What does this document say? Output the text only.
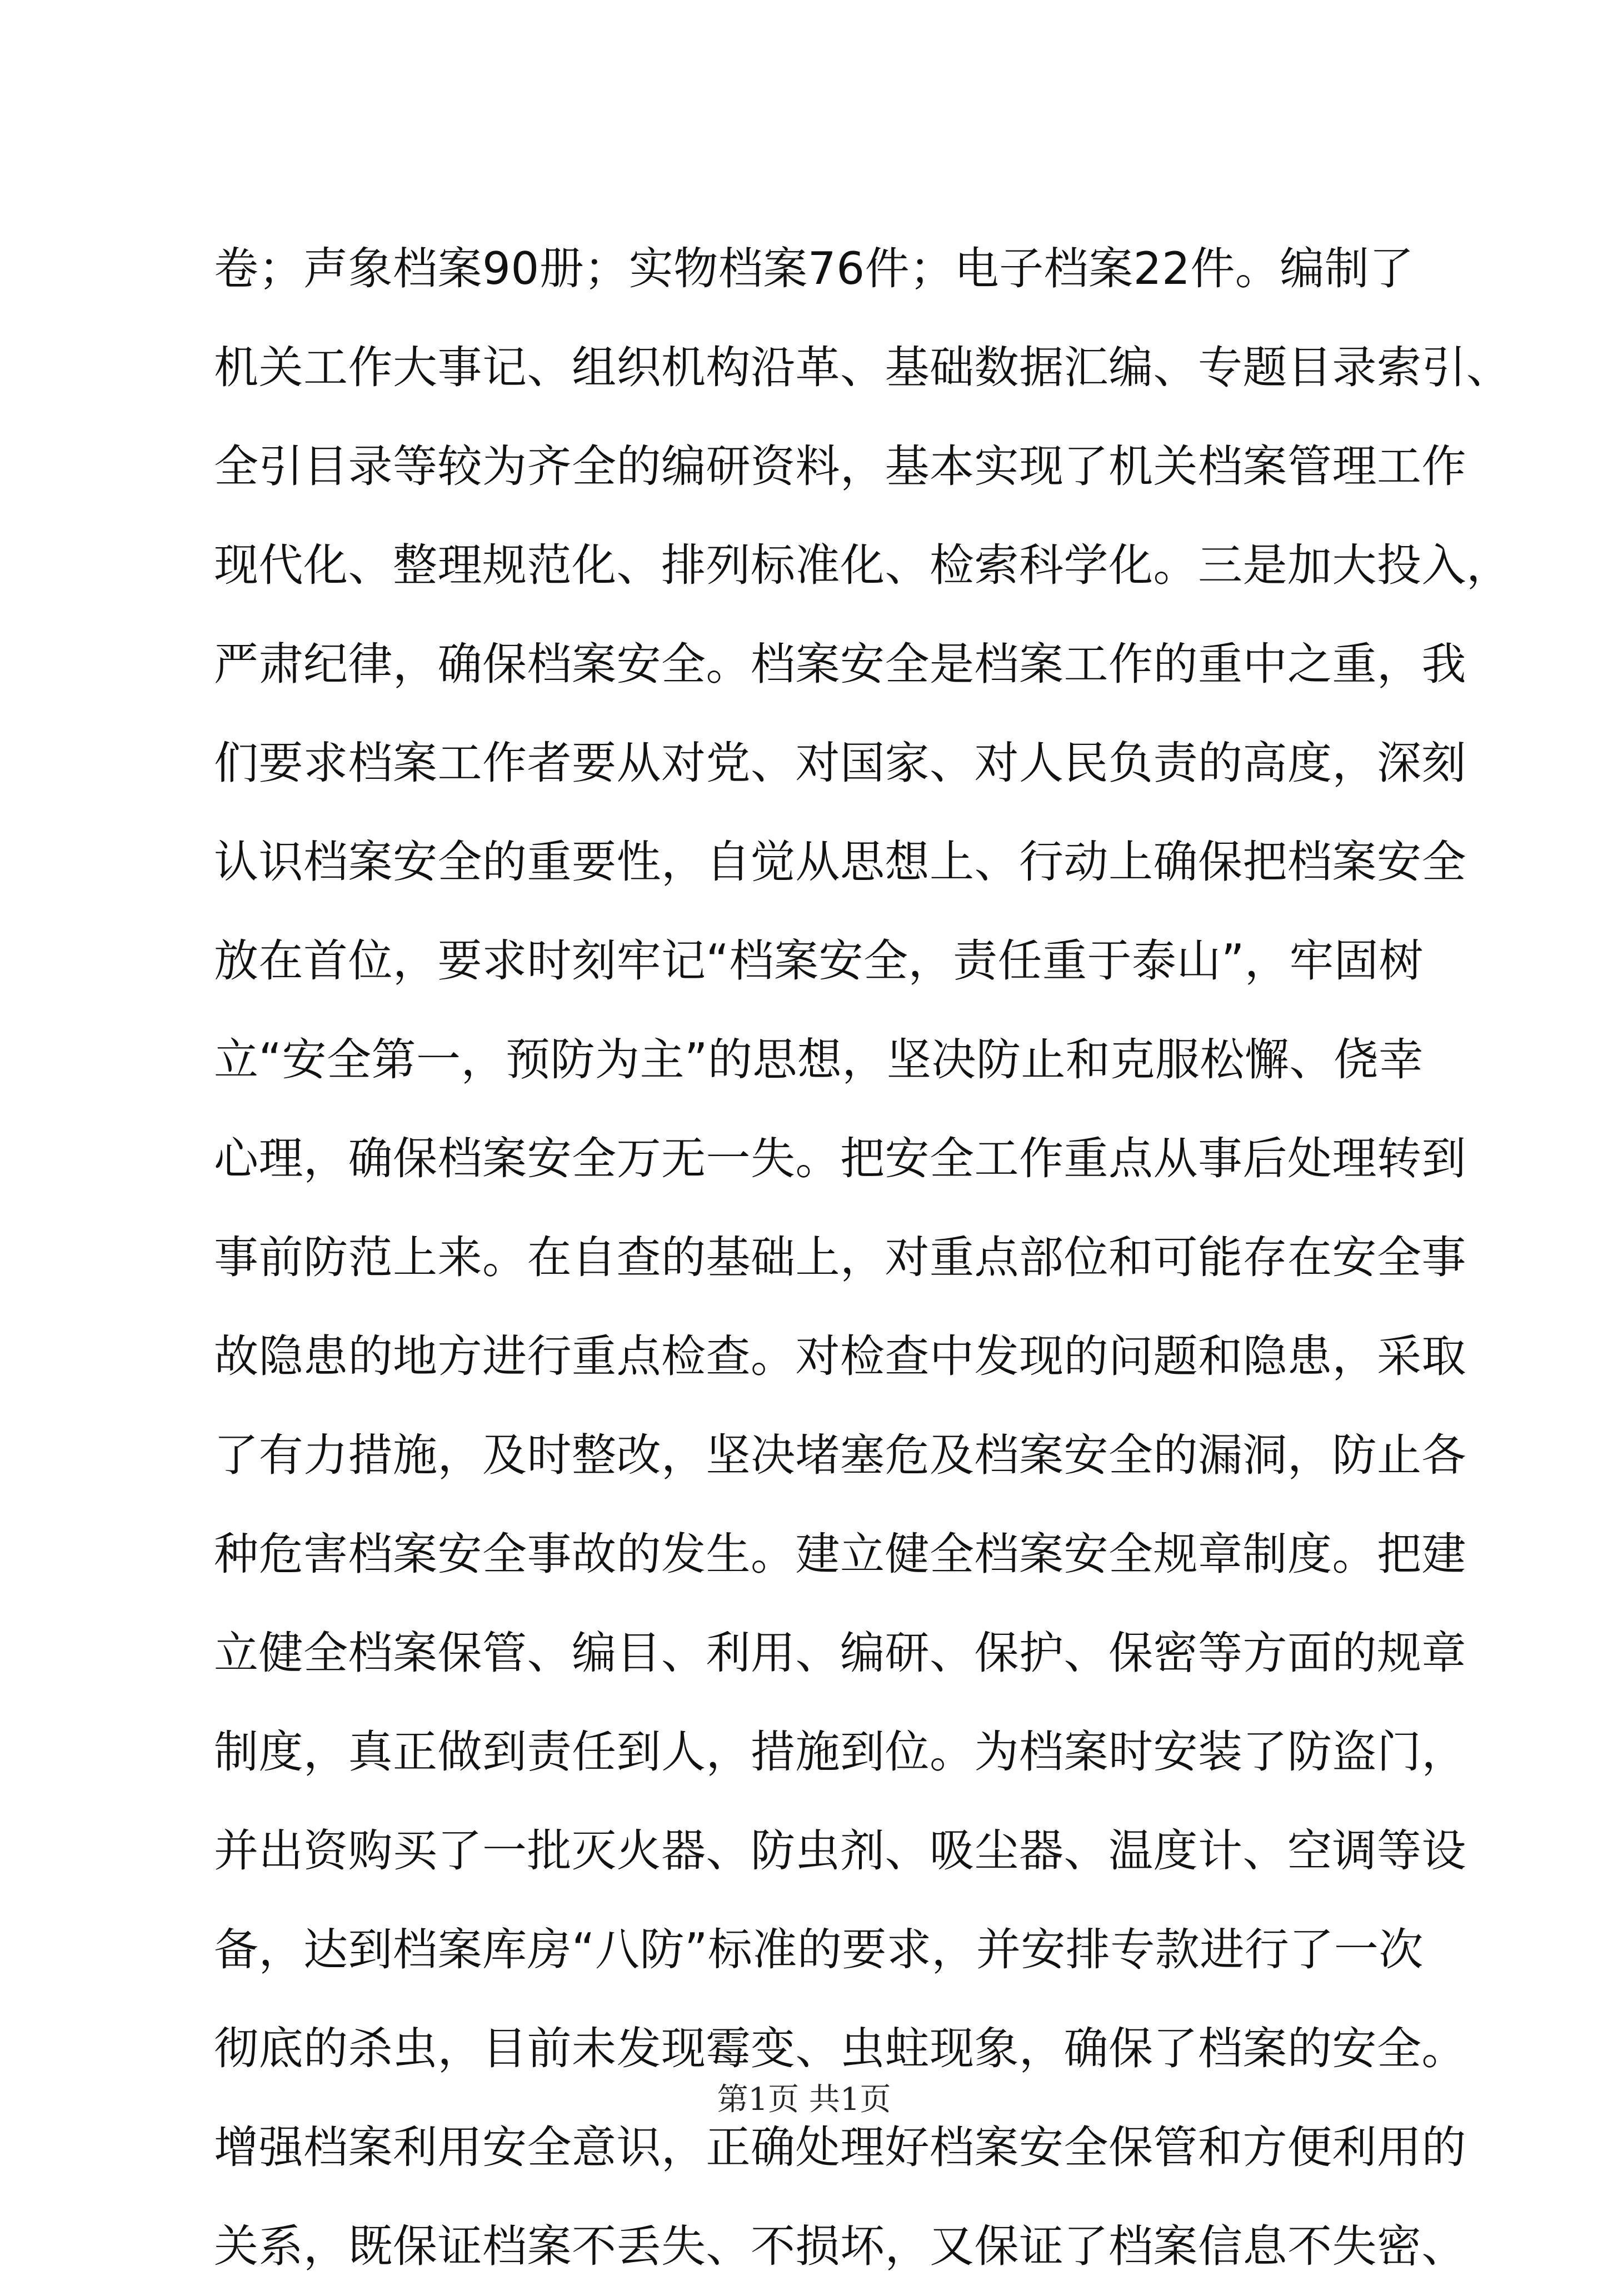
卷；声象档案90册；实物档案76件；电子档案22件。编制了
机关工作大事记、组织机构沿革、基础数据汇编、专题目录索引、
全引目录等较为齐全的编研资料，基本实现了机关档案管理工作
现代化、整理规范化、排列标准化、检索科学化。三是加大投入，
严肃纪律，确保档案安全。档案安全是档案工作的重中之重，我
们要求档案工作者要从对党、对国家、对人民负责的高度，深刻
认识档案安全的重要性，自觉从思想上、行动上确保把档案安全
放在首位，要求时刻牢记“档案安全，责任重于泰山”，牢固树
立“安全第一，预防为主”的思想，坚决防止和克服松懈、侥幸
心理，确保档案安全万无一失。把安全工作重点从事后处理转到
事前防范上来。在自查的基础上，对重点部位和可能存在安全事
故隐患的地方进行重点检查。对检查中发现的问题和隐患，采取
了有力措施，及时整改，坚决堵塞危及档案安全的漏洞，防止各
种危害档案安全事故的发生。建立健全档案安全规章制度。把建
立健全档案保管、编目、利用、编研、保护、保密等方面的规章
制度，真正做到责任到人，措施到位。为档案时安装了防盗门，
并出资购买了一批灭火器、防虫剂、吸尘器、温度计、空调等设
备，达到档案库房“八防”标准的要求，并安排专款进行了一次
彻底的杀虫，目前未发现霉变、虫蛀现象，确保了档案的安全。
增强档案利用安全意识，正确处理好档案安全保管和方便利用的
关系，既保证档案不丢失、不损坏，又保证了档案信息不失密、
第1页 共1页
